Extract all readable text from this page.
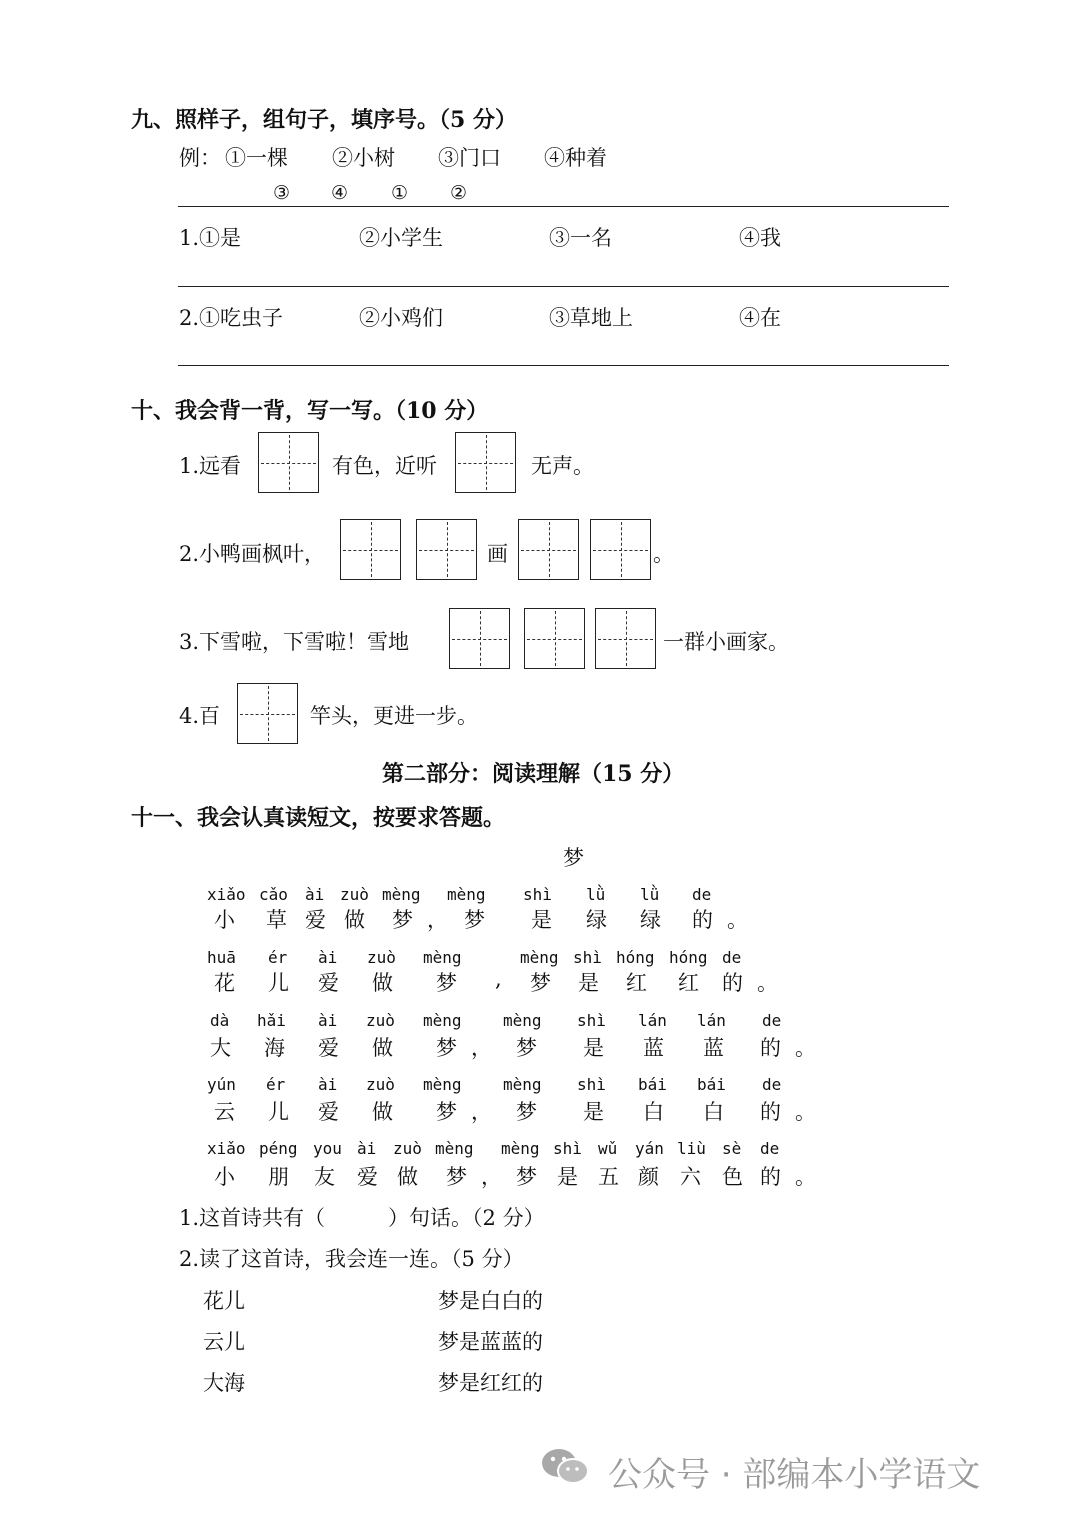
九、照样子，组句子，填序号。（5 分）
例： ①一棵 ②小树 ③门口 ④种着
③ ④ ① ②
1.①是	②小学生	③一名	④我
2.①吃虫子	②小鸡们	③草地上	④在
十、我会背一背，写一写。（10 分）
1.远看	有色，近听	无声。
2.小鸭画枫叶，	画	。
3.下雪啦，下雪啦！雪地	一群小画家。
4.百	竿头，更进一步。
第二部分：阅读理解（15 分）
十一、我会认真读短文，按要求答题。
梦
xiǎo cǎo ài zuò mèng mèng shì lǜ lǜ de
小 草 爱 做 梦， 梦 是 绿 绿 的。
huā ér ài zuò mèng	mèng shì hóng hóng de
花 儿 爱 做 梦 , 梦 是 红 红 的。
dà hǎi ài zuò mèng	mèng shì lán lán de
大 海 爱 做 梦， 梦 是 蓝 蓝 的。
yún ér ài zuò mèng	mèng shì bái bái de
云 儿 爱 做 梦， 梦 是 白 白 的。
xiǎo péng you ài zuò mèng mèng shì wǔ yán liù sè de
小 朋 友 爱 做 梦， 梦 是 五 颜 六 色 的。
1.这首诗共有（　　　）句话。（2 分）
2.读了这首诗，我会连一连。（5 分）
花儿
云儿
大海
梦是白白的
梦是蓝蓝的
梦是红红的
公众号 · 部编本小学语文
